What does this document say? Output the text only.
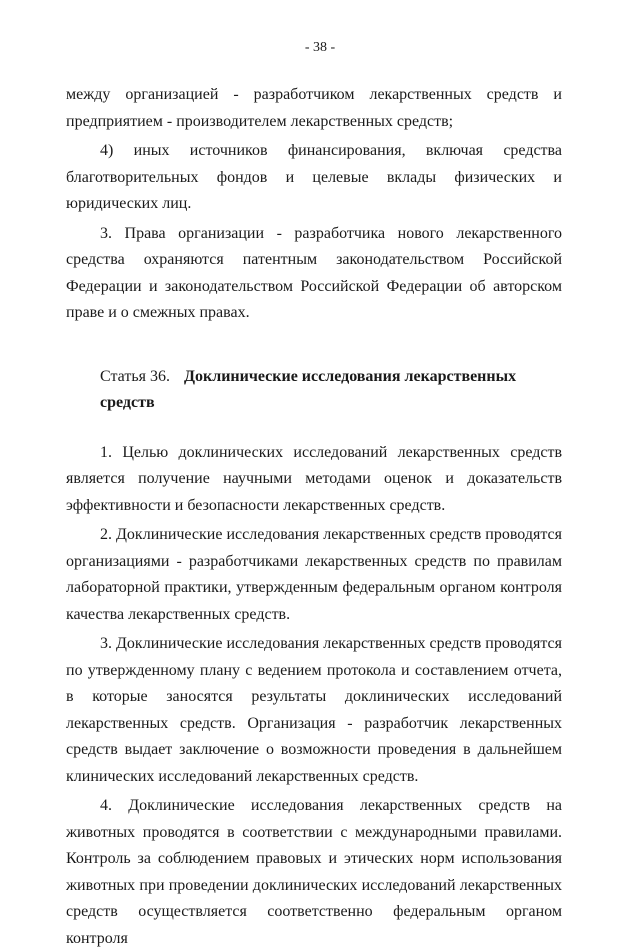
- 38 -

между организацией - разработчиком лекарственных средств и предприятием - производителем лекарственных средств;

4) иных источников финансирования, включая средства благотворительных фондов и целевые вклады физических и юридических лиц.

3. Права организации - разработчика нового лекарственного средства охраняются патентным законодательством Российской Федерации и законодательством Российской Федерации об авторском праве и о смежных правах.

Статья 36. Доклинические исследования лекарственных средств

1. Целью доклинических исследований лекарственных средств является получение научными методами оценок и доказательств эффективности и безопасности лекарственных средств.

2. Доклинические исследования лекарственных средств проводятся организациями - разработчиками лекарственных средств по правилам лабораторной практики, утвержденным федеральным органом контроля качества лекарственных средств.

3. Доклинические исследования лекарственных средств проводятся по утвержденному плану с ведением протокола и составлением отчета, в которые заносятся результаты доклинических исследований лекарственных средств. Организация - разработчик лекарственных средств выдает заключение о возможности проведения в дальнейшем клинических исследований лекарственных средств.

4. Доклинические исследования лекарственных средств на животных проводятся в соответствии с международными правилами. Контроль за соблюдением правовых и этических норм использования животных при проведении доклинических исследований лекарственных средств осуществляется соответственно федеральным органом контроля
